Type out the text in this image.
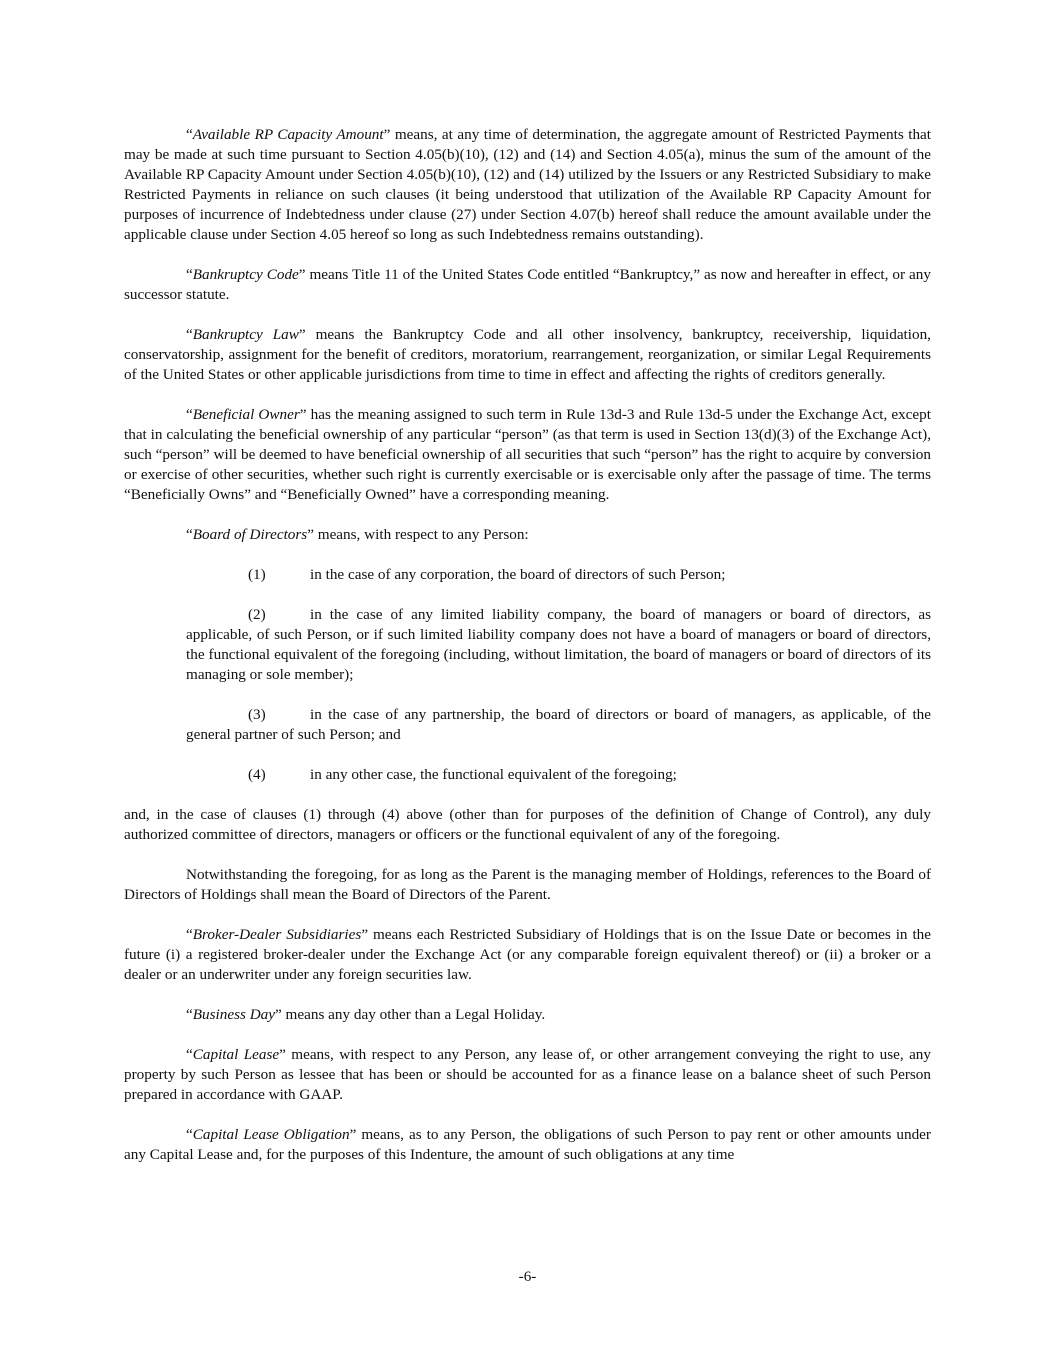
“Available RP Capacity Amount” means, at any time of determination, the aggregate amount of Restricted Payments that may be made at such time pursuant to Section 4.05(b)(10), (12) and (14) and Section 4.05(a), minus the sum of the amount of the Available RP Capacity Amount under Section 4.05(b)(10), (12) and (14) utilized by the Issuers or any Restricted Subsidiary to make Restricted Payments in reliance on such clauses (it being understood that utilization of the Available RP Capacity Amount for purposes of incurrence of Indebtedness under clause (27) under Section 4.07(b) hereof shall reduce the amount available under the applicable clause under Section 4.05 hereof so long as such Indebtedness remains outstanding).

“Bankruptcy Code” means Title 11 of the United States Code entitled “Bankruptcy,” as now and hereafter in effect, or any successor statute.

“Bankruptcy Law” means the Bankruptcy Code and all other insolvency, bankruptcy, receivership, liquidation, conservatorship, assignment for the benefit of creditors, moratorium, rearrangement, reorganization, or similar Legal Requirements of the United States or other applicable jurisdictions from time to time in effect and affecting the rights of creditors generally.

“Beneficial Owner” has the meaning assigned to such term in Rule 13d-3 and Rule 13d-5 under the Exchange Act, except that in calculating the beneficial ownership of any particular “person” (as that term is used in Section 13(d)(3) of the Exchange Act), such “person” will be deemed to have beneficial ownership of all securities that such “person” has the right to acquire by conversion or exercise of other securities, whether such right is currently exercisable or is exercisable only after the passage of time. The terms “Beneficially Owns” and “Beneficially Owned” have a corresponding meaning.

“Board of Directors” means, with respect to any Person:

(1)	in the case of any corporation, the board of directors of such Person;

(2)	in the case of any limited liability company, the board of managers or board of directors, as applicable, of such Person, or if such limited liability company does not have a board of managers or board of directors, the functional equivalent of the foregoing (including, without limitation, the board of managers or board of directors of its managing or sole member);

(3)	in the case of any partnership, the board of directors or board of managers, as applicable, of the general partner of such Person; and

(4)	in any other case, the functional equivalent of the foregoing;

and, in the case of clauses (1) through (4) above (other than for purposes of the definition of Change of Control), any duly authorized committee of directors, managers or officers or the functional equivalent of any of the foregoing.

Notwithstanding the foregoing, for as long as the Parent is the managing member of Holdings, references to the Board of Directors of Holdings shall mean the Board of Directors of the Parent.

“Broker-Dealer Subsidiaries” means each Restricted Subsidiary of Holdings that is on the Issue Date or becomes in the future (i) a registered broker-dealer under the Exchange Act (or any comparable foreign equivalent thereof) or (ii) a broker or a dealer or an underwriter under any foreign securities law.

“Business Day” means any day other than a Legal Holiday.

“Capital Lease” means, with respect to any Person, any lease of, or other arrangement conveying the right to use, any property by such Person as lessee that has been or should be accounted for as a finance lease on a balance sheet of such Person prepared in accordance with GAAP.

“Capital Lease Obligation” means, as to any Person, the obligations of such Person to pay rent or other amounts under any Capital Lease and, for the purposes of this Indenture, the amount of such obligations at any time

-6-
